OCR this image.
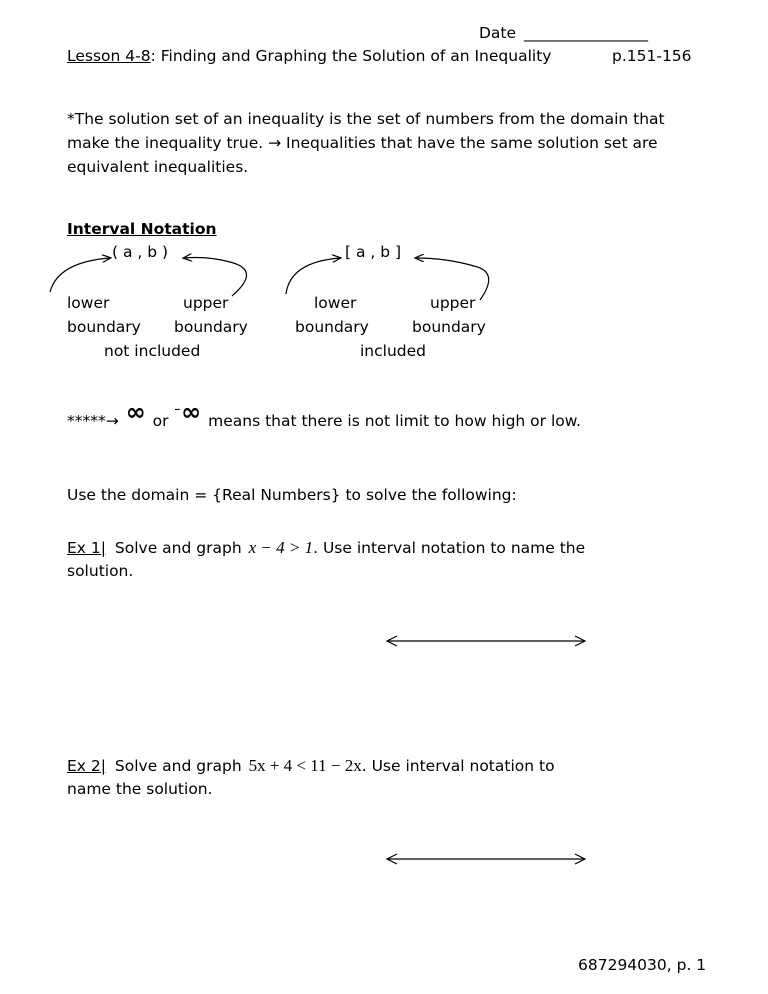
Date ________________
Lesson 4-8: Finding and Graphing the Solution of an Inequality	p.151-156
*The solution set of an inequality is the set of numbers from the domain that make the inequality true. → Inequalities that have the same solution set are equivalent inequalities.
Interval Notation
( a , b )
lower	upper
boundary boundary
not included
[ a , b ]
lower	upper
boundary	boundary
included
*****→ ∞ or ¯∞ means that there is not limit to how high or low.
Use the domain = {Real Numbers} to solve the following:
Ex 1| Solve and graph x − 4 > 1. Use interval notation to name the
solution.
Ex 2| Solve and graph 5x + 4 < 11 − 2x. Use interval notation to
name the solution.
687294030, p. 1
